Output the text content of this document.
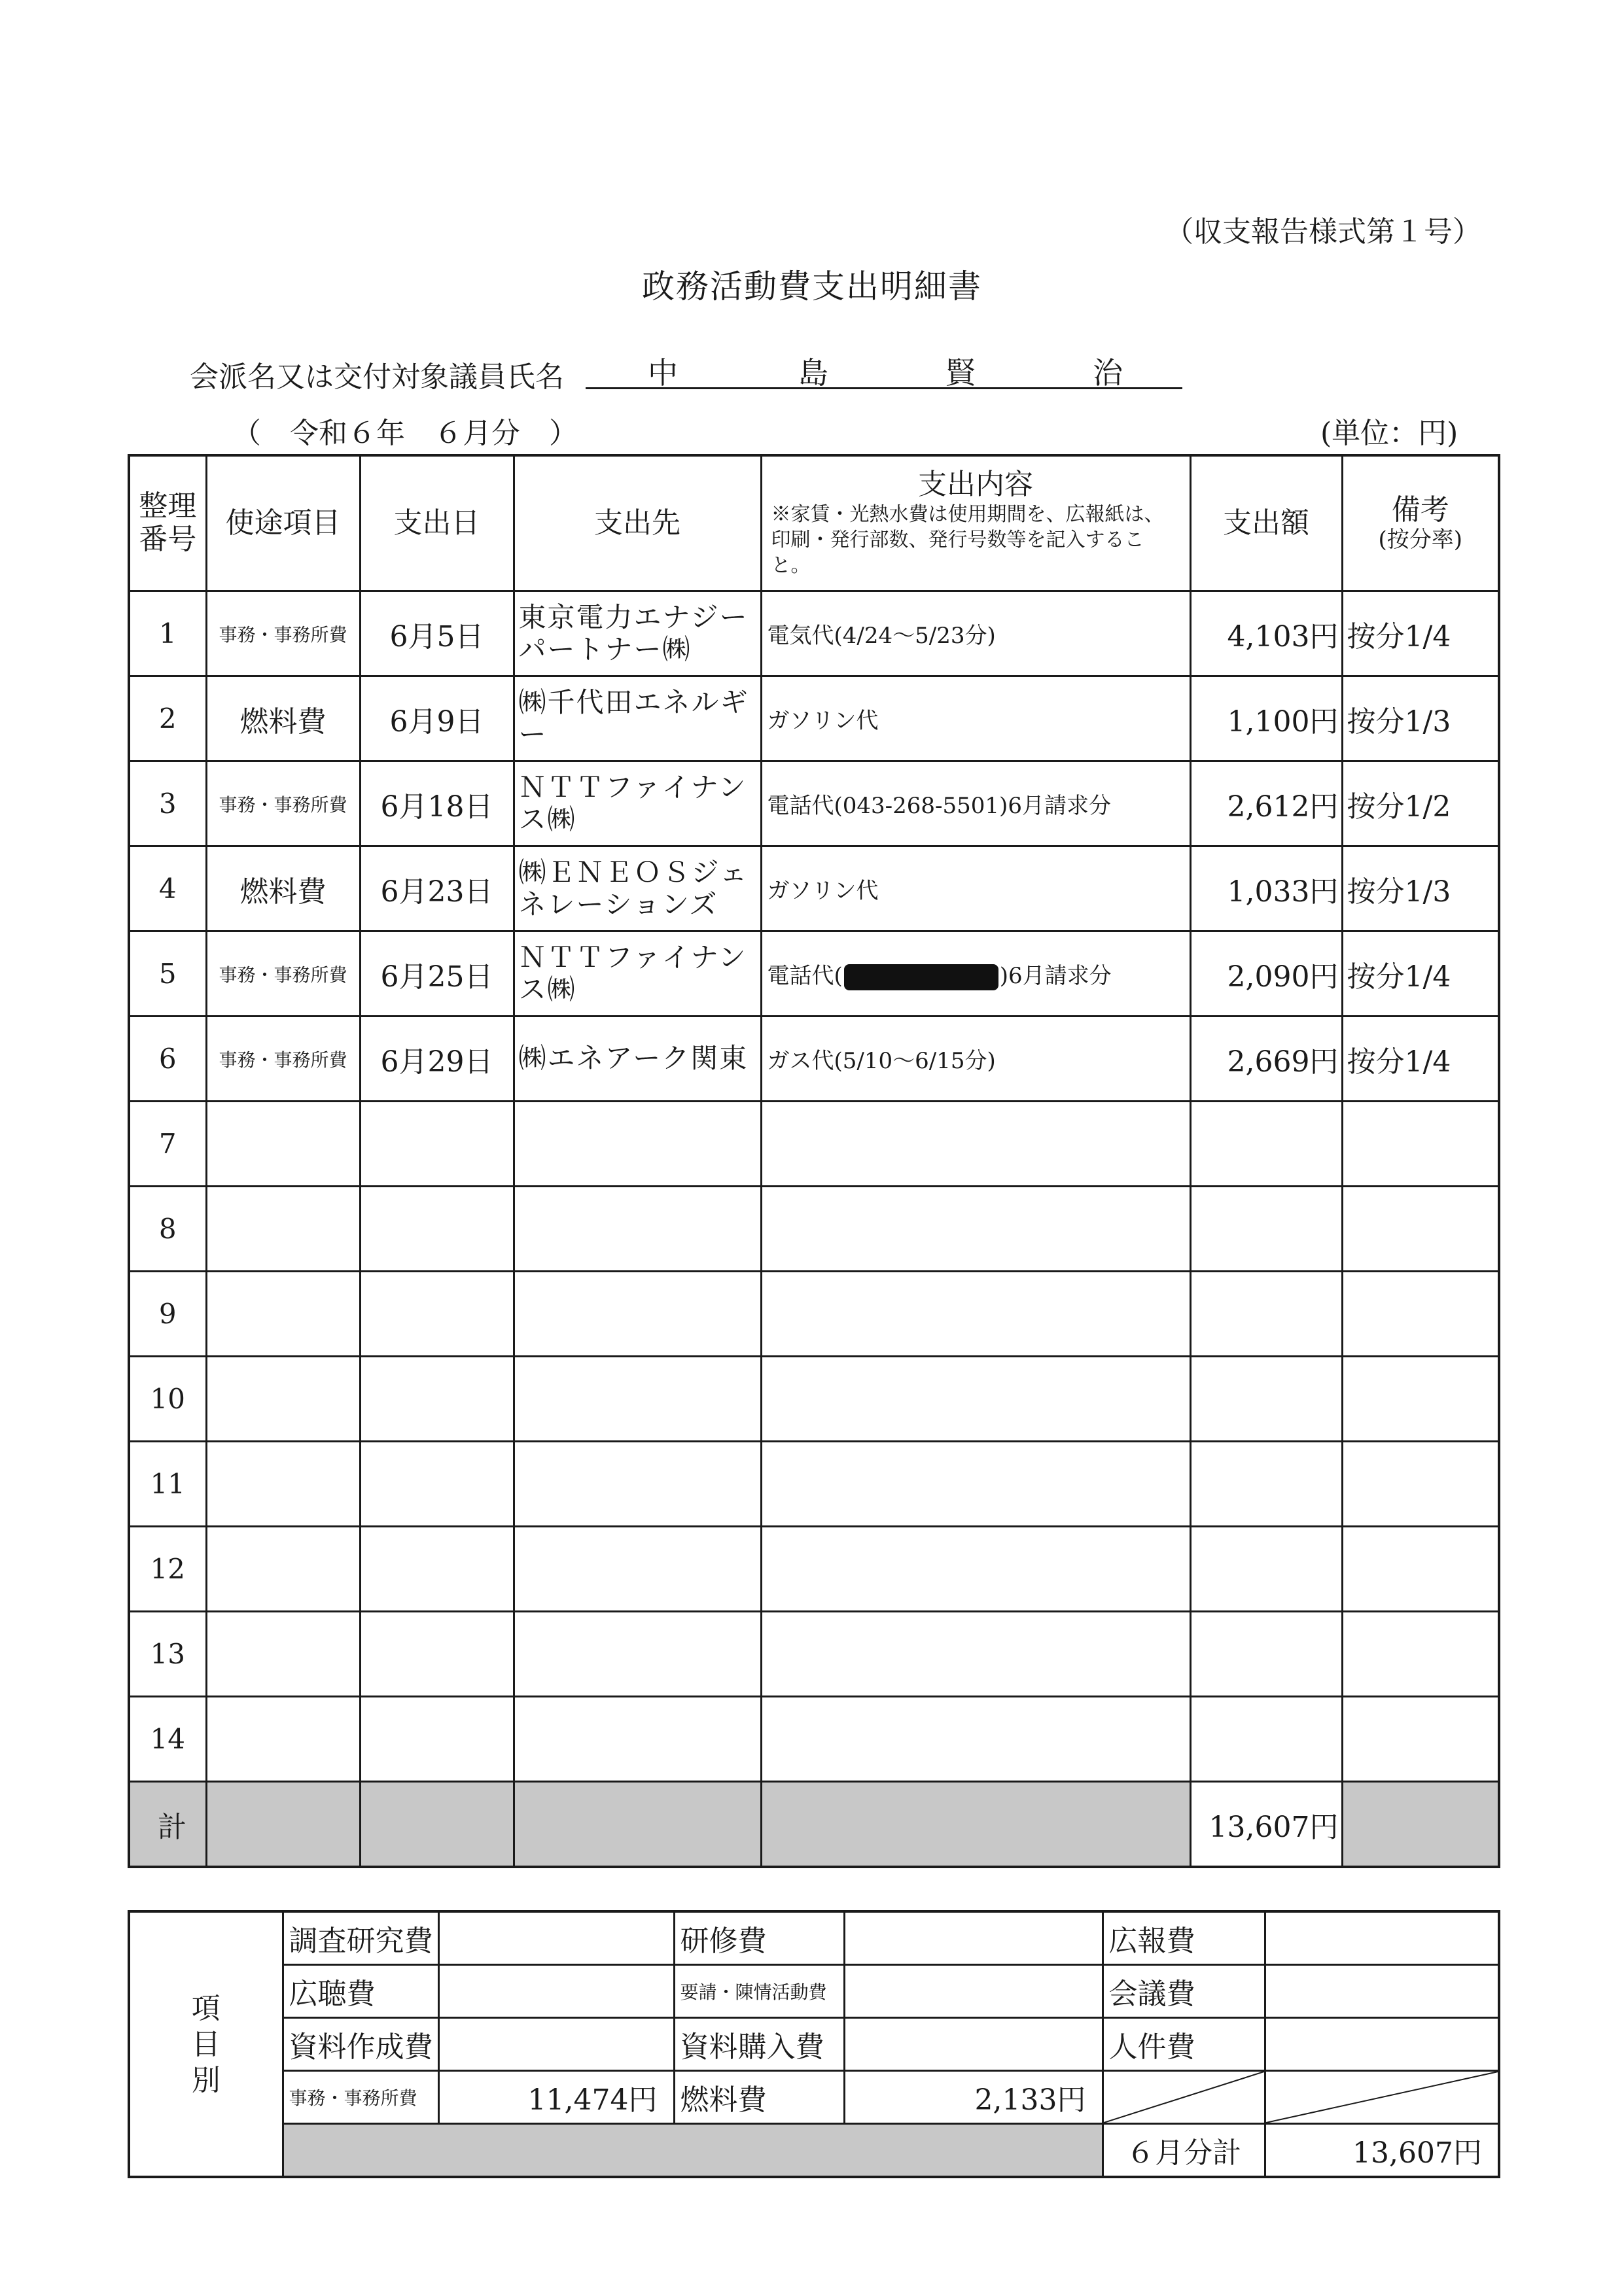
（収支報告様式第１号）
政務活動費支出明細書
会派名又は交付対象議員氏名	中	島	賢	治
（　令和６年　６月分　）	(単位：円)
整理
番号	使途項目	支出日	支出先	支出内容
※家賃・光熱水費は使用期間を、広報紙は、印刷・発行部数、発行号数等を記入すること。	支出額	備考
(按分率)

1	事務・事務所費	6月5日	東京電力エナジーパートナー㈱	電気代(4/24～5/23分)	4,103円	按分1/4
2	燃料費	6月9日	㈱千代田エネルギー	ガソリン代	1,100円	按分1/3
3	事務・事務所費	6月18日	ＮＴＴファイナンス㈱	電話代(043-268-5501)6月請求分	2,612円	按分1/2
4	燃料費	6月23日	㈱ＥＮＥＯＳジェネレーションズ	ガソリン代	1,033円	按分1/3
5	事務・事務所費	6月25日	ＮＴＴファイナンス㈱	電話代( )6月請求分	2,090円	按分1/4
6	事務・事務所費	6月29日	㈱エネアーク関東	ガス代(5/10～6/15分)	2,669円	按分1/4
7						
8						
9						
10						
11						
12						
13						
14						
計					13,607円	
項
目
別	調査研究費		研修費		広報費	
	広聴費		要請・陳情活動費		会議費	
	資料作成費		資料購入費		人件費	
	事務・事務所費	11,474円	燃料費	2,133円	

					６月分計	13,607円
